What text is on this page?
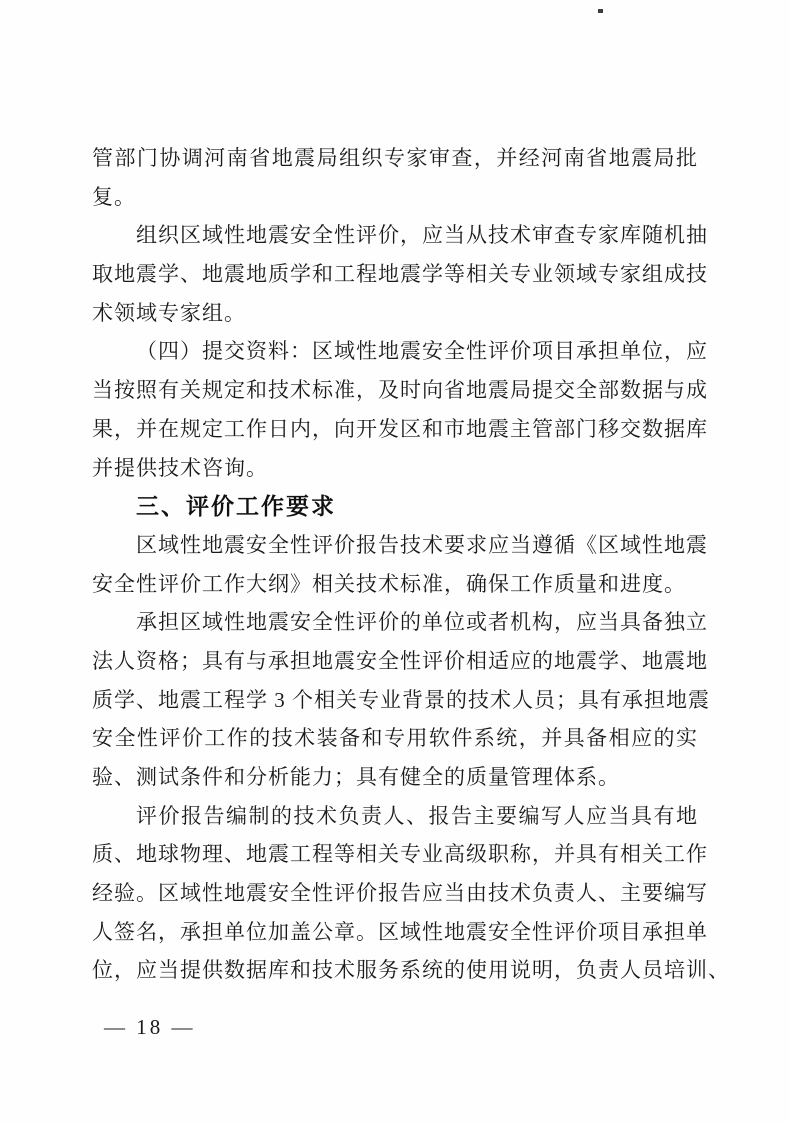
管部门协调河南省地震局组织专家审查，并经河南省地震局批
复。
组织区域性地震安全性评价，应当从技术审查专家库随机抽
取地震学、地震地质学和工程地震学等相关专业领域专家组成技
术领域专家组。
（四）提交资料：区域性地震安全性评价项目承担单位，应
当按照有关规定和技术标准，及时向省地震局提交全部数据与成
果，并在规定工作日内，向开发区和市地震主管部门移交数据库
并提供技术咨询。
三、评价工作要求
区域性地震安全性评价报告技术要求应当遵循《区域性地震
安全性评价工作大纲》相关技术标准，确保工作质量和进度。
承担区域性地震安全性评价的单位或者机构，应当具备独立
法人资格；具有与承担地震安全性评价相适应的地震学、地震地
质学、地震工程学 3 个相关专业背景的技术人员；具有承担地震
安全性评价工作的技术装备和专用软件系统，并具备相应的实
验、测试条件和分析能力；具有健全的质量管理体系。
评价报告编制的技术负责人、报告主要编写人应当具有地
质、地球物理、地震工程等相关专业高级职称，并具有相关工作
经验。区域性地震安全性评价报告应当由技术负责人、主要编写
人签名，承担单位加盖公章。区域性地震安全性评价项目承担单
位，应当提供数据库和技术服务系统的使用说明，负责人员培训、
— 18 —
